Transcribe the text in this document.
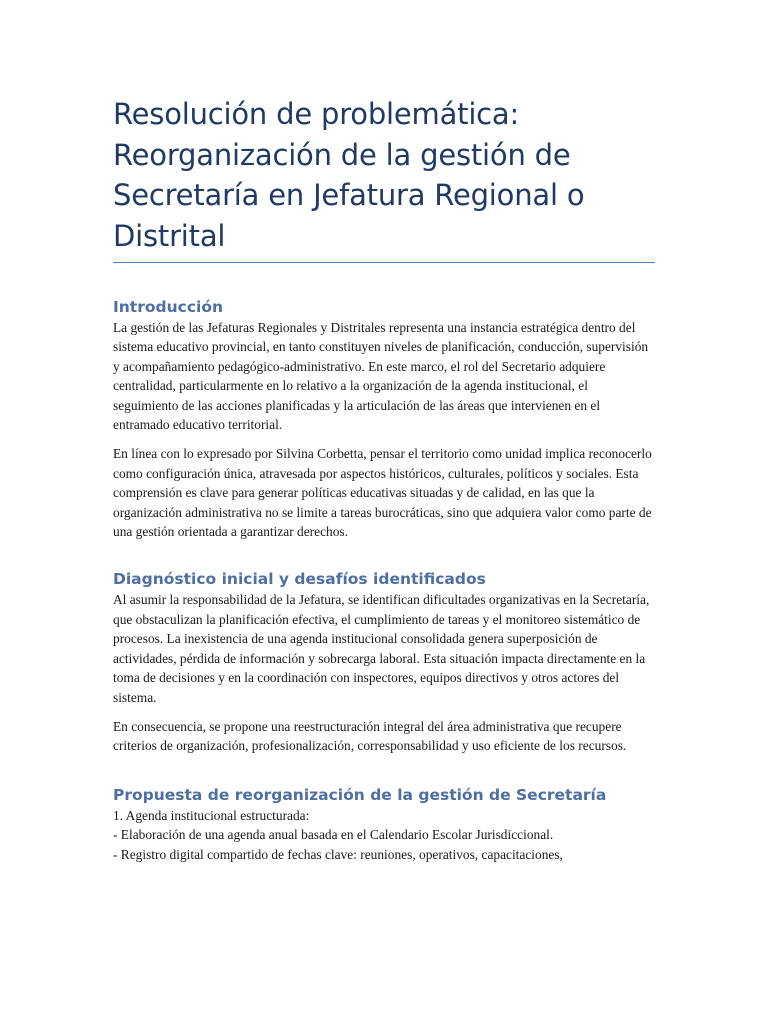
Resolución de problemática: Reorganización de la gestión de Secretaría en Jefatura Regional o Distrital
Introducción

La gestión de las Jefaturas Regionales y Distritales representa una instancia estratégica dentro del sistema educativo provincial, en tanto constituyen niveles de planificación, conducción, supervisión y acompañamiento pedagógico-administrativo. En este marco, el rol del Secretario adquiere centralidad, particularmente en lo relativo a la organización de la agenda institucional, el seguimiento de las acciones planificadas y la articulación de las áreas que intervienen en el entramado educativo territorial.

En línea con lo expresado por Silvina Corbetta, pensar el territorio como unidad implica reconocerlo como configuración única, atravesada por aspectos históricos, culturales, políticos y sociales. Esta comprensión es clave para generar políticas educativas situadas y de calidad, en las que la organización administrativa no se limite a tareas burocráticas, sino que adquiera valor como parte de una gestión orientada a garantizar derechos.

Diagnóstico inicial y desafíos identificados

Al asumir la responsabilidad de la Jefatura, se identifican dificultades organizativas en la Secretaría, que obstaculizan la planificación efectiva, el cumplimiento de tareas y el monitoreo sistemático de procesos. La inexistencia de una agenda institucional consolidada genera superposición de actividades, pérdida de información y sobrecarga laboral. Esta situación impacta directamente en la toma de decisiones y en la coordinación con inspectores, equipos directivos y otros actores del sistema.

En consecuencia, se propone una reestructuración integral del área administrativa que recupere criterios de organización, profesionalización, corresponsabilidad y uso eficiente de los recursos.

Propuesta de reorganización de la gestión de Secretaría

1. Agenda institucional estructurada:

- Elaboración de una agenda anual basada en el Calendario Escolar Jurisdiccional.

- Registro digital compartido de fechas clave: reuniones, operativos, capacitaciones,
